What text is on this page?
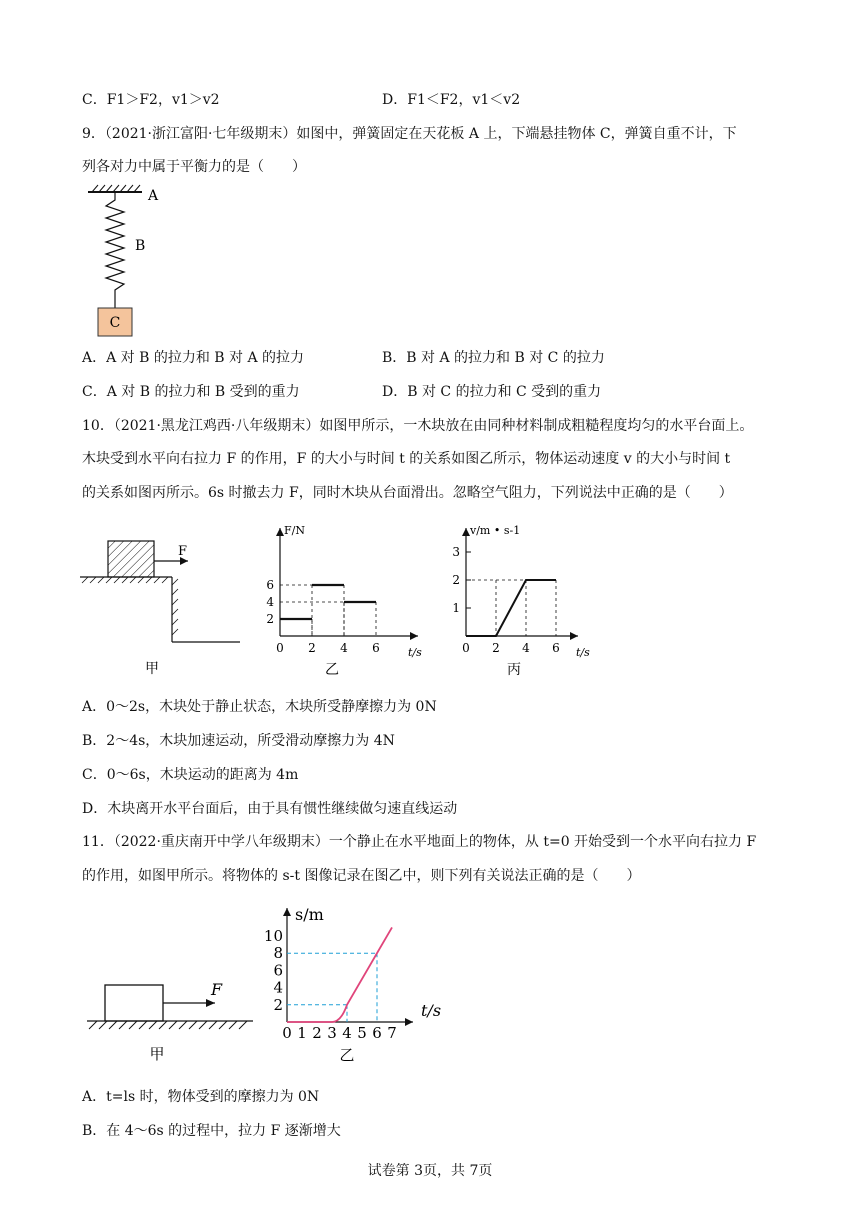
C．F1＞F2，v1＞v2	D．F1＜F2，v1＜v2
9．（2021·浙江富阳·七年级期末）如图中，弹簧固定在天花板 A 上，下端悬挂物体 C，弹簧自重不计，下
列各对力中属于平衡力的是（　　）
A
B
C
A．A 对 B 的拉力和 B 对 A 的拉力	B．B 对 A 的拉力和 B 对 C 的拉力
C．A 对 B 的拉力和 B 受到的重力	D．B 对 C 的拉力和 C 受到的重力
10．（2021·黑龙江鸡西·八年级期末）如图甲所示，一木块放在由同种材料制成粗糙程度均匀的水平台面上。
木块受到水平向右拉力 F 的作用，F 的大小与时间 t 的关系如图乙所示，物体运动速度 v 的大小与时间 t
的关系如图丙所示。6s 时撤去力 F，同时木块从台面滑出。忽略空气阻力，下列说法中正确的是（　　）
F
甲
F/N
t/s
0 2 4 6
2
4
6
乙
v/m • s-1
t/s
0 2 4 6
1
2
3
丙
A．0～2s，木块处于静止状态，木块所受静摩擦力为 0N
B．2～4s，木块加速运动，所受滑动摩擦力为 4N
C．0～6s，木块运动的距离为 4m
D．木块离开水平台面后，由于具有惯性继续做匀速直线运动
11．（2022·重庆南开中学八年级期末）一个静止在水平地面上的物体，从 t=0 开始受到一个水平向右拉力 F
的作用，如图甲所示。将物体的 s-t 图像记录在图乙中，则下列有关说法正确的是（　　）
F
甲
s/m
t/s
0 1 2 3 4 5 6 7
2
4
6
8
10
乙
A．t=ls 时，物体受到的摩擦力为 0N
B．在 4～6s 的过程中，拉力 F 逐渐增大
试卷第 3页，共 7页
